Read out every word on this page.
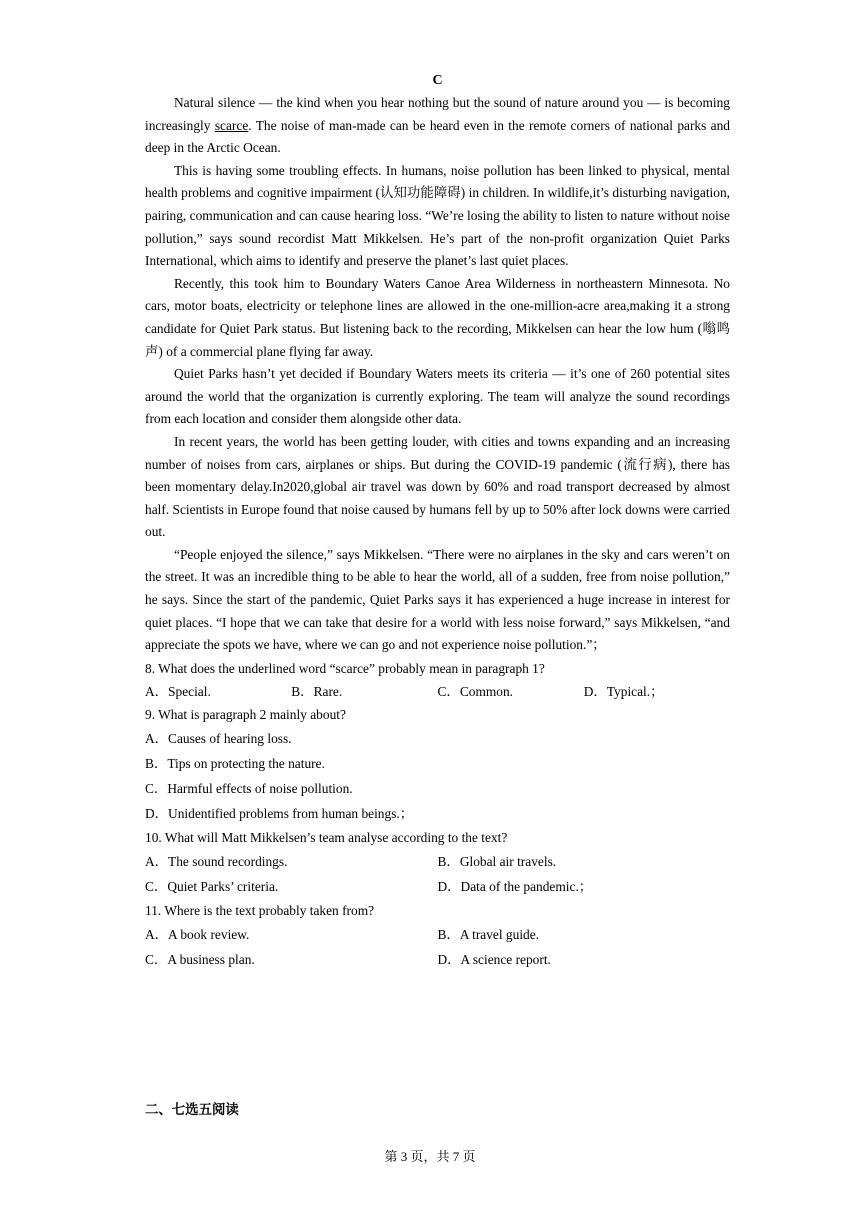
C

Natural silence — the kind when you hear nothing but the sound of nature around you — is becoming increasingly scarce. The noise of man-made can be heard even in the remote corners of national parks and deep in the Arctic Ocean.

This is having some troubling effects. In humans, noise pollution has been linked to physical, mental health problems and cognitive impairment (认知功能障碍) in children. In wildlife,it’s disturbing navigation, pairing, communication and can cause hearing loss. “We’re losing the ability to listen to nature without noise pollution,” says sound recordist Matt Mikkelsen. He’s part of the non-profit organization Quiet Parks International, which aims to identify and preserve the planet’s last quiet places.

Recently, this took him to Boundary Waters Canoe Area Wilderness in northeastern Minnesota. No cars, motor boats, electricity or telephone lines are allowed in the one-million-acre area,making it a strong candidate for Quiet Park status. But listening back to the recording, Mikkelsen can hear the low hum (嗡鸣声) of a commercial plane flying far away.

Quiet Parks hasn’t yet decided if Boundary Waters meets its criteria — it’s one of 260 potential sites around the world that the organization is currently exploring. The team will analyze the sound recordings from each location and consider them alongside other data.

In recent years, the world has been getting louder, with cities and towns expanding and an increasing number of noises from cars, airplanes or ships. But during the COVID-19 pandemic (流行病), there has been momentary delay.In2020,global air travel was down by 60% and road transport decreased by almost half. Scientists in Europe found that noise caused by humans fell by up to 50% after lock downs were carried out.

“People enjoyed the silence,” says Mikkelsen. “There were no airplanes in the sky and cars weren’t on the street. It was an incredible thing to be able to hear the world, all of a sudden, free from noise pollution,” he says. Since the start of the pandemic, Quiet Parks says it has experienced a huge increase in interest for quiet places. “I hope that we can take that desire for a world with less noise forward,” says Mikkelsen, “and appreciate the spots we have, where we can go and not experience noise pollution.”；

8. What does the underlined word “scarce” probably mean in paragraph 1?
A．Special.	B．Rare.	C．Common.	D．Typical.；
9. What is paragraph 2 mainly about?
A．Causes of hearing loss.
B．Tips on protecting the nature.
C．Harmful effects of noise pollution.
D．Unidentified problems from human beings.；
10. What will Matt Mikkelsen’s team analyse according to the text?
A．The sound recordings.	B．Global air travels.
C．Quiet Parks’ criteria.	D．Data of the pandemic.；
11. Where is the text probably taken from?
A．A book review.	B．A travel guide.
C．A business plan.	D．A science report.
二、七选五阅读
第 3 页，共 7 页
